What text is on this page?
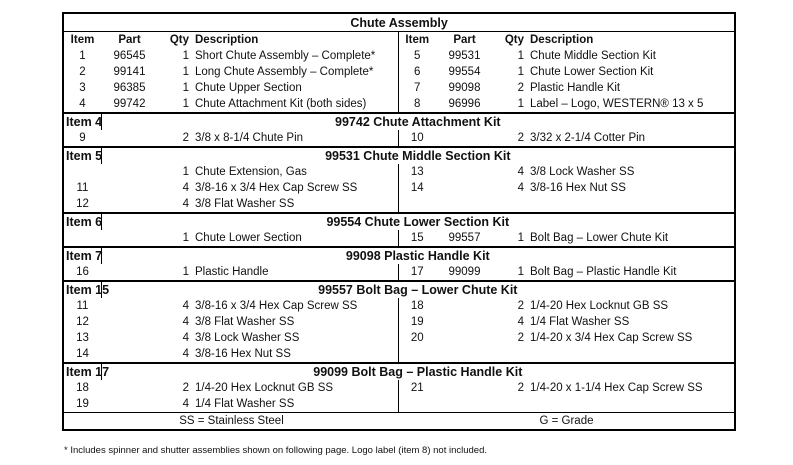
Chute Assembly							
Item	Part	Qty	Description	Item	Part	Qty	Description
1	96545	1	Short Chute Assembly – Complete*	5	99531	1	Chute Middle Section Kit
2	99141	1	Long Chute Assembly – Complete*	6	99554	1	Chute Lower Section Kit
3	96385	1	Chute Upper Section	7	99098	2	Plastic Handle Kit
4	99742	1	Chute Attachment Kit (both sides)	8	96996	1	Label – Logo, WESTERN® 13 x 5
Item 4	99742 Chute Attachment Kit						
9		2	3/8 x 8-1/4 Chute Pin	10		2	3/32 x 2-1/4 Cotter Pin
Item 5	99531 Chute Middle Section Kit						
		1	Chute Extension, Gas	13		4	3/8 Lock Washer SS
11		4	3/8-16 x 3/4 Hex Cap Screw SS	14		4	3/8-16 Hex Nut SS
12		4	3/8 Flat Washer SS				
Item 6	99554 Chute Lower Section Kit						
		1	Chute Lower Section	15	99557	1	Bolt Bag – Lower Chute Kit
Item 7	99098 Plastic Handle Kit						
16		1	Plastic Handle	17	99099	1	Bolt Bag – Plastic Handle Kit
Item 15	99557 Bolt Bag – Lower Chute Kit						
11		4	3/8-16 x 3/4 Hex Cap Screw SS	18		2	1/4-20 Hex Locknut GB SS
12		4	3/8 Flat Washer SS	19		4	1/4 Flat Washer SS
13		4	3/8 Lock Washer SS	20		2	1/4-20 x 3/4 Hex Cap Screw SS
14		4	3/8-16 Hex Nut SS				
Item 17	99099 Bolt Bag – Plastic Handle Kit						
18		2	1/4-20 Hex Locknut GB SS	21		2	1/4-20 x 1-1/4 Hex Cap Screw SS
19		4	1/4 Flat Washer SS				
SS = Stainless Steel	G = Grade
* Includes spinner and shutter assemblies shown on following page. Logo label (item 8) not included.
